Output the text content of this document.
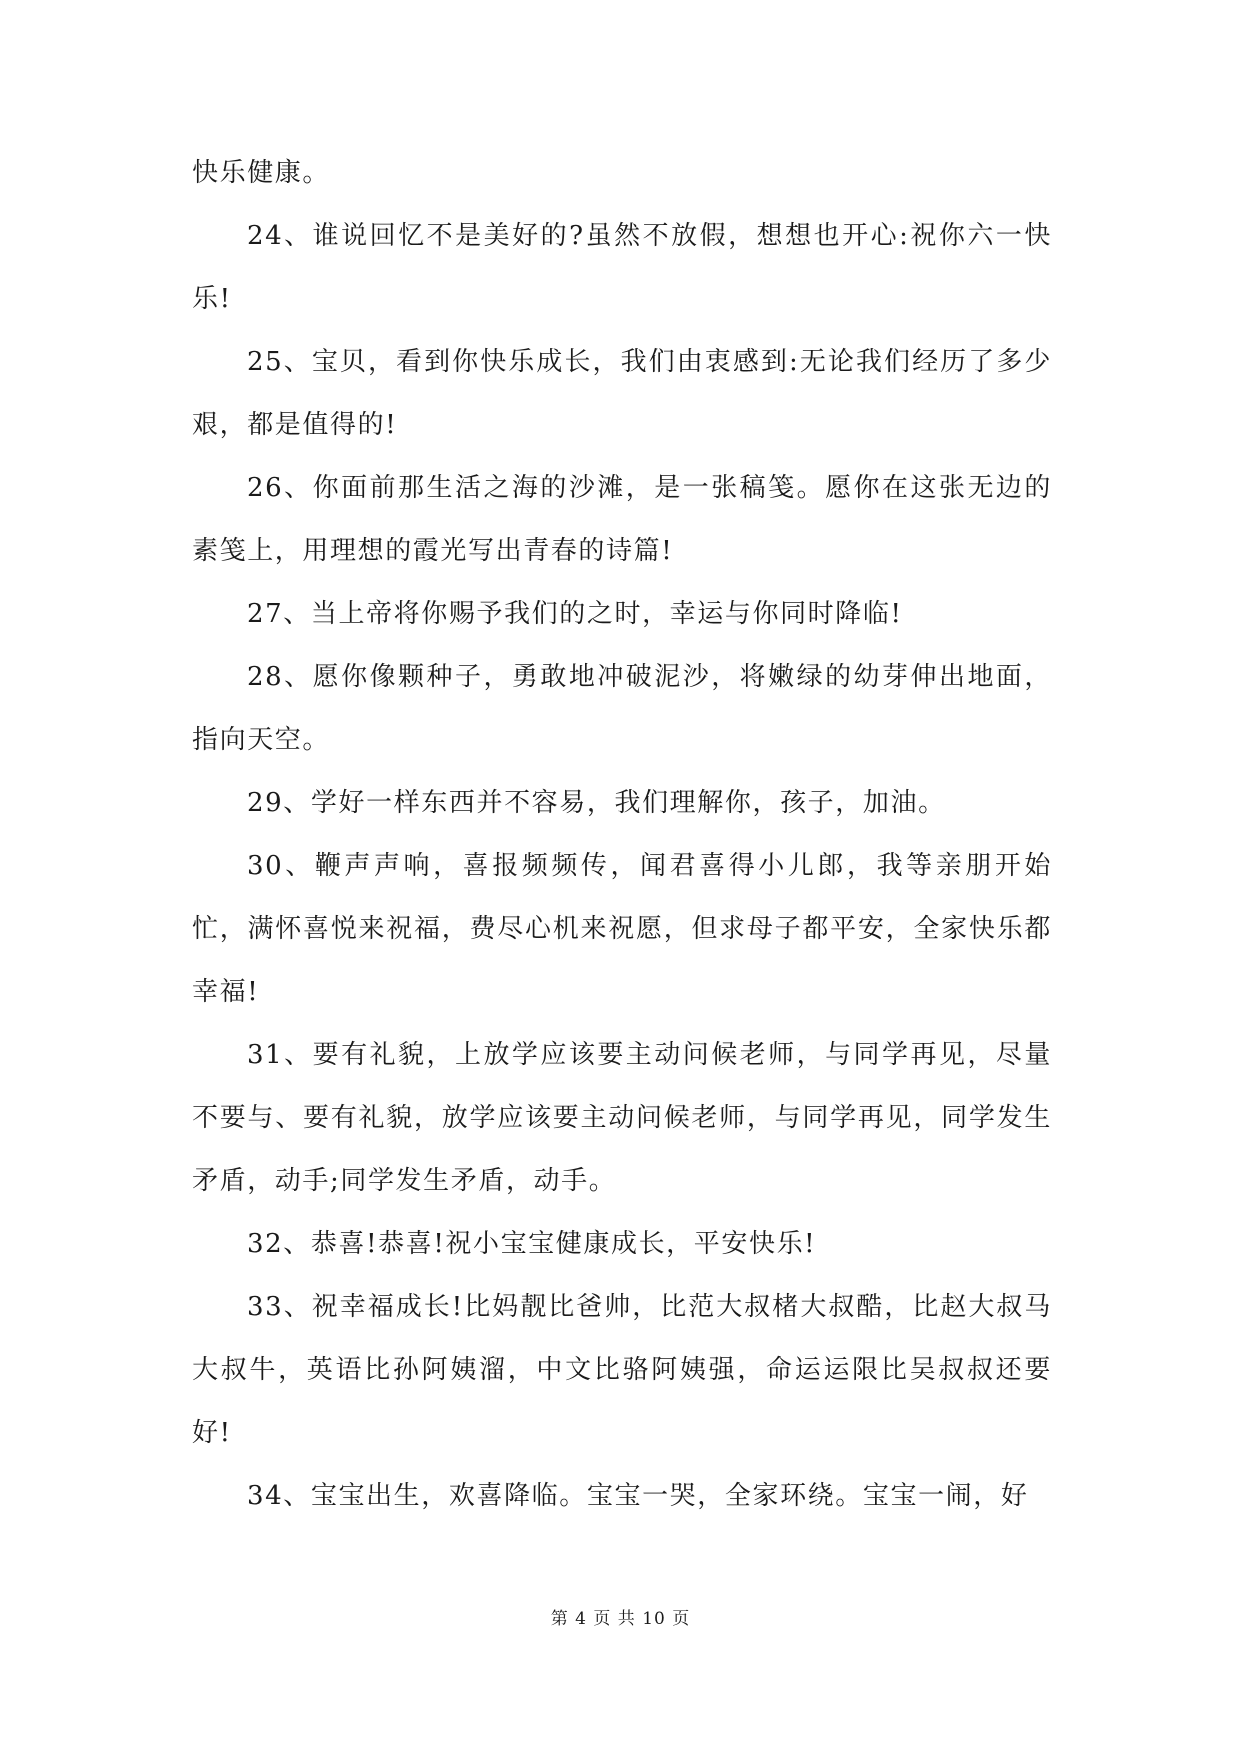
快乐健康。

24、谁说回忆不是美好的?虽然不放假，想想也开心:祝你六一快乐!

25、宝贝，看到你快乐成长，我们由衷感到:无论我们经历了多少艰，都是值得的!

26、你面前那生活之海的沙滩，是一张稿笺。愿你在这张无边的素笺上，用理想的霞光写出青春的诗篇!

27、当上帝将你赐予我们的之时，幸运与你同时降临!

28、愿你像颗种子，勇敢地冲破泥沙，将嫩绿的幼芽伸出地面，指向天空。

29、学好一样东西并不容易，我们理解你，孩子，加油。

30、鞭声声响，喜报频频传，闻君喜得小儿郎，我等亲朋开始忙，满怀喜悦来祝福，费尽心机来祝愿，但求母子都平安，全家快乐都幸福!

31、要有礼貌，上放学应该要主动问候老师，与同学再见，尽量不要与、要有礼貌，放学应该要主动问候老师，与同学再见，同学发生矛盾，动手;同学发生矛盾，动手。

32、恭喜!恭喜!祝小宝宝健康成长，平安快乐!

33、祝幸福成长!比妈靓比爸帅，比范大叔楮大叔酷，比赵大叔马大叔牛，英语比孙阿姨溜，中文比骆阿姨强，命运运限比吴叔叔还要好!

34、宝宝出生，欢喜降临。宝宝一哭，全家环绕。宝宝一闹，好

第 4 页 共 10 页
